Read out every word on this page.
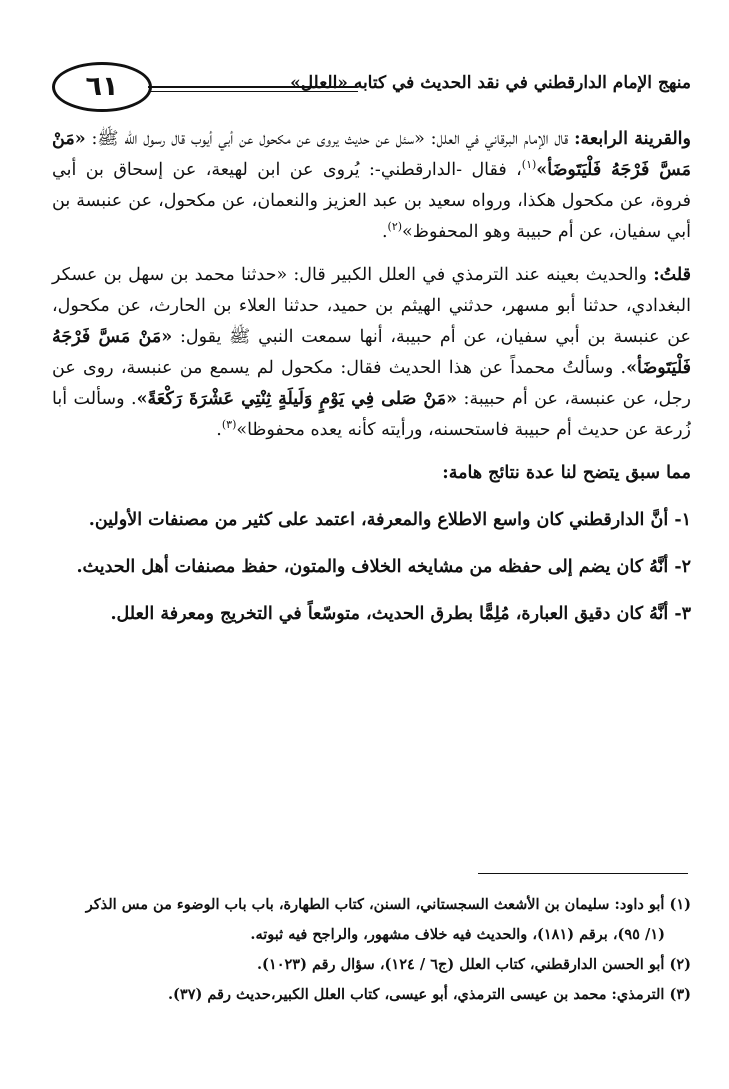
٦١	منهج الإمام الدارقطني في نقد الحديث في كتابه «العلل»

والقرينة الرابعة: قال الإمام البرقاني في العلل: «سئل عن حديث يروى عن مكحول عن أبي أيوب قال رسول الله ﷺ: «مَنْ مَسَّ فَرْجَهُ فَلْيَتَوضَأ»$^{(١)}$، فقال -الدارقطني-: يُروى عن ابن لهيعة، عن إسحاق بن أبي فروة، عن مكحول هكذا، ورواه سعيد بن عبد العزيز والنعمان، عن مكحول، عن عنبسة بن أبي سفيان، عن أم حبيبة وهو المحفوظ»$^{(٢)}$.

قلتُ: والحديث بعينه عند الترمذي في العلل الكبير قال: «حدثنا محمد بن سهل بن عسكر البغدادي، حدثنا أبو مسهر، حدثني الهيثم بن حميد، حدثنا العلاء بن الحارث، عن مكحول، عن عنبسة بن أبي سفيان، عن أم حبيبة، أنها سمعت النبي ﷺ يقول: «مَنْ مَسَّ فَرْجَهُ فَلْيَتَوضَأ». وسألتُ محمداً عن هذا الحديث فقال: مكحول لم يسمع من عنبسة، روى عن رجل، عن عنبسة، عن أم حبيبة: «مَنْ صَلى فِي يَوْمٍ وَلَيلَةٍ ثِنْتِي عَشْرَةَ رَكْعَةً». وسألت أبا زُرعة عن حديث أم حبيبة فاستحسنه، ورأيته كأنه يعده محفوظا»$^{(٣)}$.

مما سبق يتضح لنا عدة نتائج هامة:

١- أنَّ الدارقطني كان واسع الاطلاع والمعرفة، اعتمد على كثير من مصنفات الأولين.

٢- أنَّهُ كان يضم إلى حفظه من مشايخه الخلاف والمتون، حفظ مصنفات أهل الحديث.

٣- أنَّهُ كان دقيق العبارة، مُلِمًّا بطرق الحديث، متوسّعاً في التخريج ومعرفة العلل.

(١) أبو داود: سليمان بن الأشعث السجستاني، السنن، كتاب الطهارة، باب باب الوضوء من مس الذكر

(١/ ٩٥)، برقم (١٨١)، والحديث فيه خلاف مشهور، والراجح فيه ثبوته.

(٢) أبو الحسن الدارقطني، كتاب العلل (ج٦ / ١٢٤)، سؤال رقم (١٠٢٣).

(٣) الترمذي: محمد بن عيسى الترمذي، أبو عيسى، كتاب العلل الكبير،حديث رقم (٣٧).
